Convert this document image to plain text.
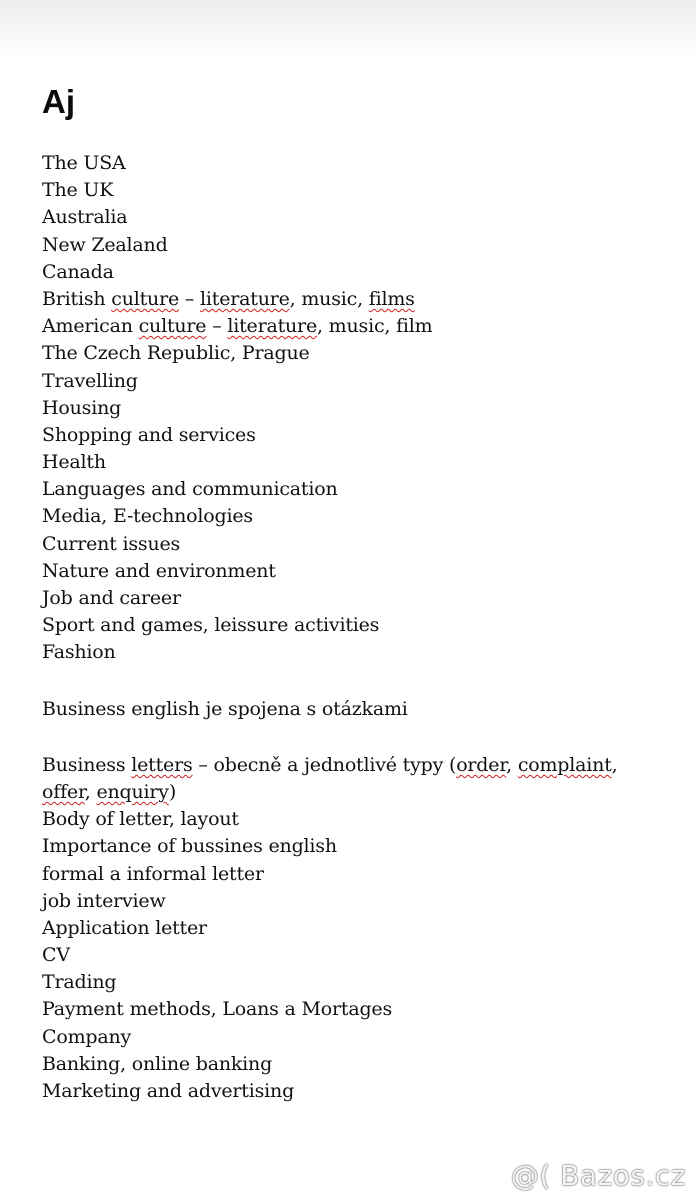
Aj
The USA
The UK
Australia
New Zealand
Canada
British culture – literature, music, films
American culture – literature, music, film
The Czech Republic, Prague
Travelling
Housing
Shopping and services
Health
Languages and communication
Media, E-technologies
Current issues
Nature and environment
Job and career
Sport and games, leissure activities
Fashion
Business english je spojena s otázkami
Business letters – obecně a jednotlivé typy (order, complaint, offer, enquiry)
Body of letter, layout
Importance of bussines english
formal a informal letter
job interview
Application letter
CV
Trading
Payment methods, Loans a Mortages
Company
Banking, online banking
Marketing and advertising
@( Bazos.cz
